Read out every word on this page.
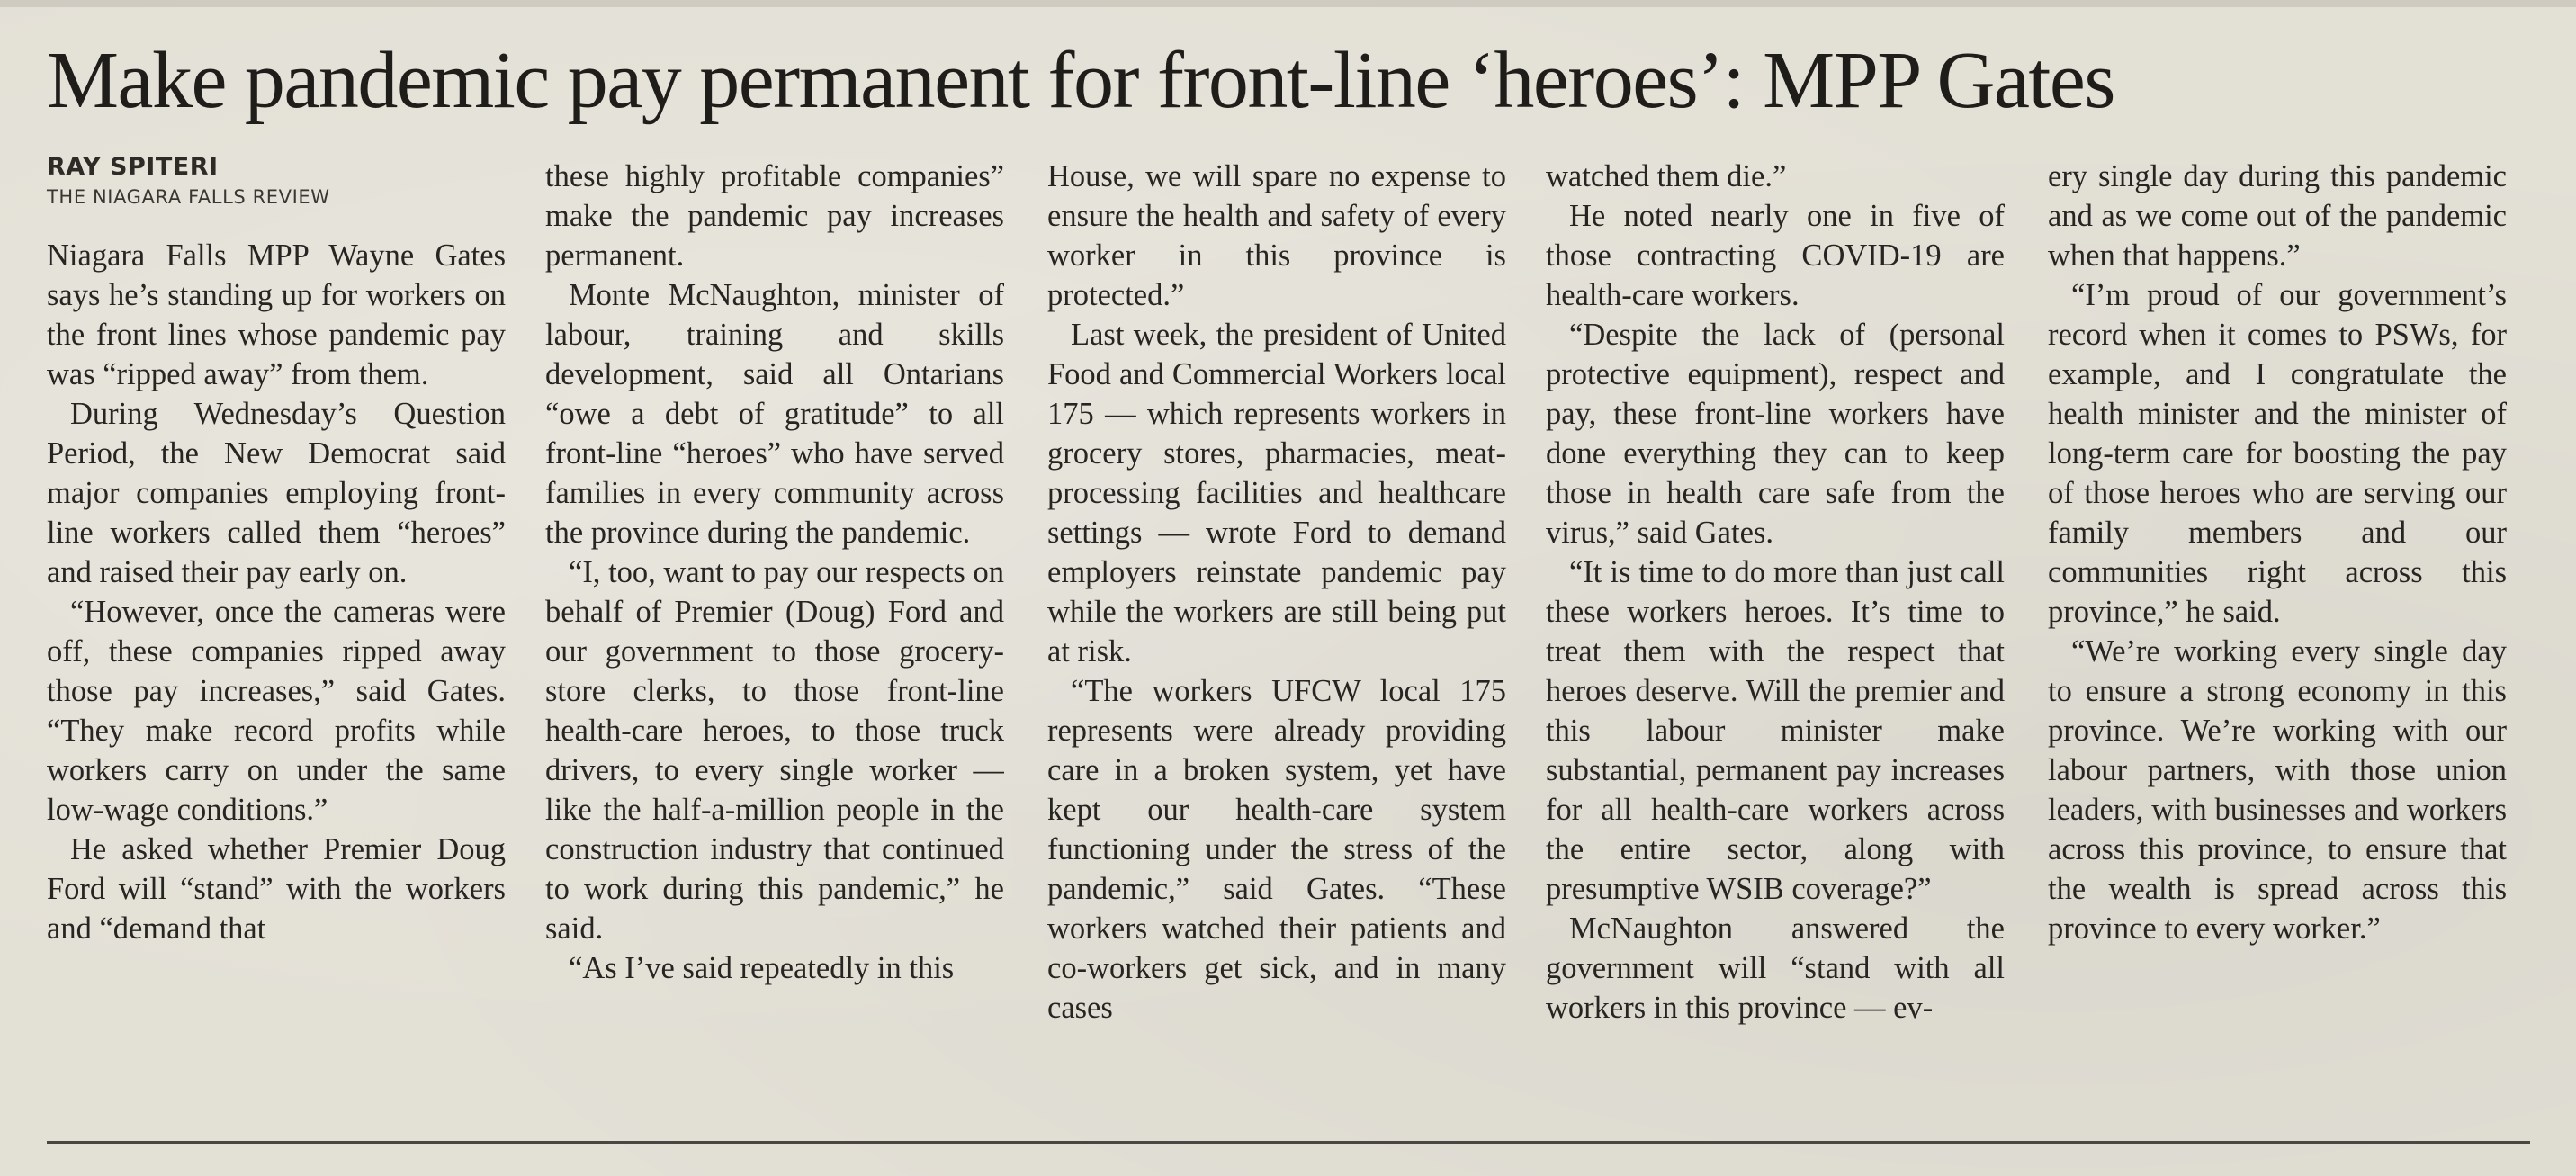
Make pandemic pay permanent for front-line ‘heroes’: MPP Gates
RAY SPITERI
THE NIAGARA FALLS REVIEW

Niagara Falls MPP Wayne Gates says he’s standing up for workers on the front lines whose pandemic pay was “ripped away” from them.

During Wednesday’s Question Period, the New Democrat said major companies employing front-line workers called them “heroes” and raised their pay early on.

“However, once the cameras were off, these companies ripped away those pay increases,” said Gates. “They make record profits while workers carry on under the same low-wage conditions.”

He asked whether Premier Doug Ford will “stand” with the workers and “demand that

these highly profitable companies” make the pandemic pay increases permanent.

Monte McNaughton, minister of labour, training and skills development, said all Ontarians “owe a debt of gratitude” to all front-line “heroes” who have served families in every community across the province during the pandemic.

“I, too, want to pay our respects on behalf of Premier (Doug) Ford and our government to those grocery-store clerks, to those front-line health-care heroes, to those truck drivers, to every single worker — like the half-a-million people in the construction industry that continued to work during this pandemic,” he said.

“As I’ve said repeatedly in this

House, we will spare no expense to ensure the health and safety of every worker in this province is protected.”

Last week, the president of United Food and Commercial Workers local 175 — which represents workers in grocery stores, pharmacies, meat-processing facilities and healthcare settings — wrote Ford to demand employers reinstate pandemic pay while the workers are still being put at risk.

“The workers UFCW local 175 represents were already providing care in a broken system, yet have kept our health-care system functioning under the stress of the pandemic,” said Gates. “These workers watched their patients and co-workers get sick, and in many cases

watched them die.”

He noted nearly one in five of those contracting COVID-19 are health-care workers.

“Despite the lack of (personal protective equipment), respect and pay, these front-line workers have done everything they can to keep those in health care safe from the virus,” said Gates.

“It is time to do more than just call these workers heroes. It’s time to treat them with the respect that heroes deserve. Will the premier and this labour minister make substantial, permanent pay increases for all health-care workers across the entire sector, along with presumptive WSIB coverage?”

McNaughton answered the government will “stand with all workers in this province — ev-

ery single day during this pandemic and as we come out of the pandemic when that happens.”

“I’m proud of our government’s record when it comes to PSWs, for example, and I congratulate the health minister and the minister of long-term care for boosting the pay of those heroes who are serving our family members and our communities right across this province,” he said.

“We’re working every single day to ensure a strong economy in this province. We’re working with our labour partners, with those union leaders, with businesses and workers across this province, to ensure that the wealth is spread across this province to every worker.”
